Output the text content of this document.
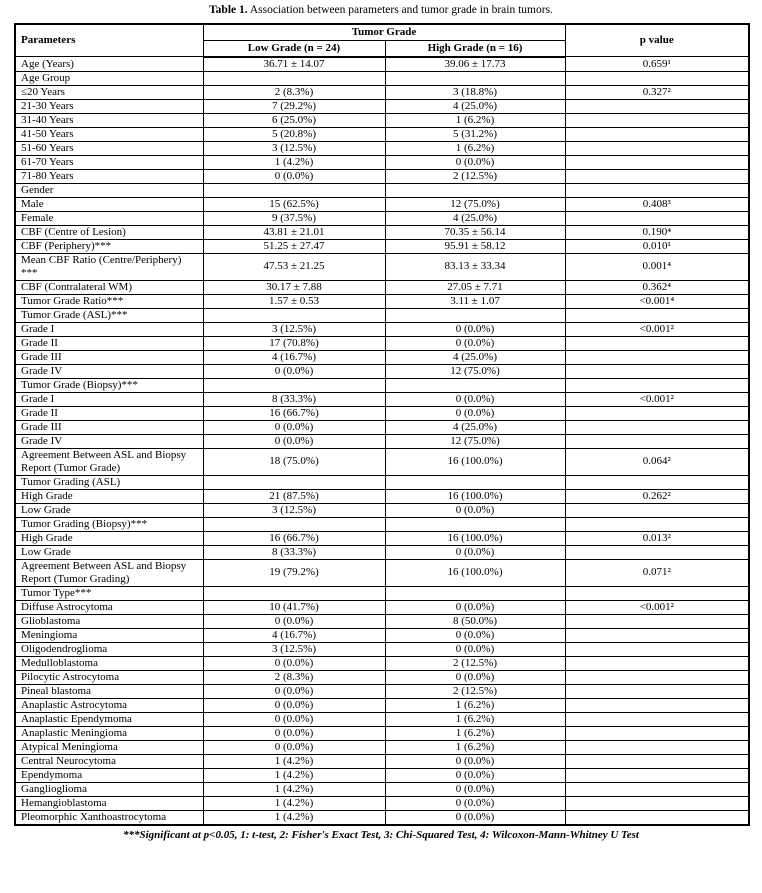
Table 1. Association between parameters and tumor grade in brain tumors.
Parameters	Tumor Grade		p value
	Low Grade (n = 24)	High Grade (n = 16)	
Age (Years)	36.71 ± 14.07	39.06 ± 17.73	0.659¹
Age Group			
≤20 Years	2 (8.3%)	3 (18.8%)	0.327²
21-30 Years	7 (29.2%)	4 (25.0%)	
31-40 Years	6 (25.0%)	1 (6.2%)	
41-50 Years	5 (20.8%)	5 (31.2%)	
51-60 Years	3 (12.5%)	1 (6.2%)	
61-70 Years	1 (4.2%)	0 (0.0%)	
71-80 Years	0 (0.0%)	2 (12.5%)	
Gender			
Male	15 (62.5%)	12 (75.0%)	0.408³
Female	9 (37.5%)	4 (25.0%)	
CBF (Centre of Lesion)	43.81 ± 21.01	70.35 ± 56.14	0.190⁴
CBF (Periphery)***	51.25 ± 27.47	95.91 ± 58.12	0.010¹
Mean CBF Ratio (Centre/Periphery) ***	47.53 ± 21.25	83.13 ± 33.34	0.001⁴
CBF (Contralateral WM)	30.17 ± 7.88	27.05 ± 7.71	0.362⁴
Tumor Grade Ratio***	1.57 ± 0.53	3.11 ± 1.07	<0.001⁴
Tumor Grade (ASL)***			
Grade I	3 (12.5%)	0 (0.0%)	<0.001²
Grade II	17 (70.8%)	0 (0.0%)	
Grade III	4 (16.7%)	4 (25.0%)	
Grade IV	0 (0.0%)	12 (75.0%)	
Tumor Grade (Biopsy)***			
Grade I	8 (33.3%)	0 (0.0%)	<0.001²
Grade II	16 (66.7%)	0 (0.0%)	
Grade III	0 (0.0%)	4 (25.0%)	
Grade IV	0 (0.0%)	12 (75.0%)	
Agreement Between ASL and Biopsy Report (Tumor Grade)	18 (75.0%)	16 (100.0%)	0.064²
Tumor Grading (ASL)			
High Grade	21 (87.5%)	16 (100.0%)	0.262²
Low Grade	3 (12.5%)	0 (0.0%)	
Tumor Grading (Biopsy)***			
High Grade	16 (66.7%)	16 (100.0%)	0.013²
Low Grade	8 (33.3%)	0 (0.0%)	
Agreement Between ASL and Biopsy Report (Tumor Grading)	19 (79.2%)	16 (100.0%)	0.071²
Tumor Type***			
Diffuse Astrocytoma	10 (41.7%)	0 (0.0%)	<0.001²
Glioblastoma	0 (0.0%)	8 (50.0%)	
Meningioma	4 (16.7%)	0 (0.0%)	
Oligodendroglioma	3 (12.5%)	0 (0.0%)	
Medulloblastoma	0 (0.0%)	2 (12.5%)	
Pilocytic Astrocytoma	2 (8.3%)	0 (0.0%)	
Pineal blastoma	0 (0.0%)	2 (12.5%)	
Anaplastic Astrocytoma	0 (0.0%)	1 (6.2%)	
Anaplastic Ependymoma	0 (0.0%)	1 (6.2%)	
Anaplastic Meningioma	0 (0.0%)	1 (6.2%)	
Atypical Meningioma	0 (0.0%)	1 (6.2%)	
Central Neurocytoma	1 (4.2%)	0 (0.0%)	
Ependymoma	1 (4.2%)	0 (0.0%)	
Ganglioglioma	1 (4.2%)	0 (0.0%)	
Hemangioblastoma	1 (4.2%)	0 (0.0%)	
Pleomorphic Xanthoastrocytoma	1 (4.2%)	0 (0.0%)	
***Significant at p<0.05, 1: t-test, 2: Fisher's Exact Test, 3: Chi-Squared Test, 4: Wilcoxon-Mann-Whitney U Test
